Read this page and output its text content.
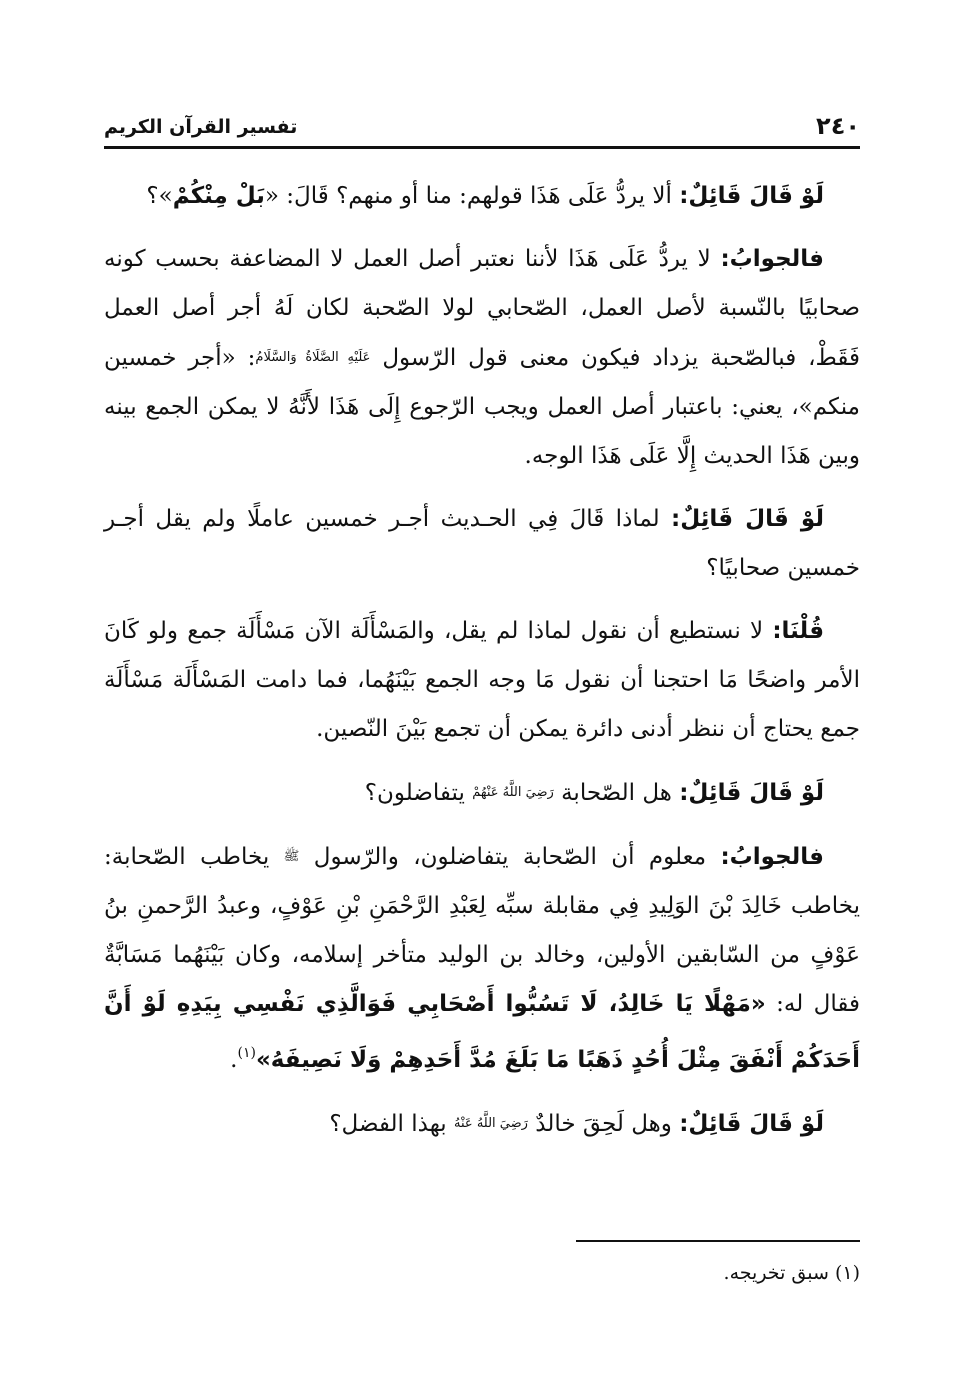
٢٤٠
تفسير القرآن الكريم

لَوْ قَالَ قَائِلٌ: ألا يردُّ عَلَى هَذَا قولهم: منا أو منهم؟ قَالَ: «بَلْ مِنْكُمْ»؟

فالجوابُ: لا يردُّ عَلَى هَذَا لأننا نعتبر أصل العمل لا المضاعفة بحسب كونه صحابيًا بالنّسبة لأصل العمل، الصّحابي لولا الصّحبة لكان لَهُ أجر أصل العمل فَقَطْ، فبالصّحبة يزداد فيكون معنى قول الرّسول عَلَيْهِ الصَّلَاةُ وَالسَّلَامُ: «أجر خمسين منكم»، يعني: باعتبار أصل العمل ويجب الرّجوع إِلَى هَذَا لأَنَّهُ لا يمكن الجمع بينه وبين هَذَا الحديث إِلَّا عَلَى هَذَا الوجه.

لَوْ قَالَ قَائِلٌ: لماذا قَالَ فِي الحـديث أجـر خمسين عاملًا ولم يقل أجـر خمسين صحابيًا؟

قُلْنَا: لا نستطيع أن نقول لماذا لم يقل، والمَسْأَلَة الآن مَسْأَلَة جمع ولو كَانَ الأمر واضحًا مَا احتجنا أن نقول مَا وجه الجمع بَيْنَهُما، فما دامت المَسْأَلَة مَسْأَلَة جمع يحتاج أن ننظر أدنى دائرة يمكن أن تجمع بَيْنَ النّصين.

لَوْ قَالَ قَائِلٌ: هل الصّحابة رَضِيَ اللَّهُ عَنْهُمْ يتفاضلون؟

فالجوابُ: معلوم أن الصّحابة يتفاضلون، والرّسول ﷺ يخاطب الصّحابة: يخاطب خَالِدَ بْنَ الوَلِيدِ فِي مقابلة سبِّه لِعَبْدِ الرَّحْمَنِ بْنِ عَوْفٍ، وعبدُ الرَّحمنِ بنُ عَوْفٍ من السّابقين الأولين، وخالد بن الوليد متأخر إسلامه، وكان بَيْنَهُما مَسَابَّةٌ فقال له: «مَهْلًا يَا خَالِدُ، لَا تَسُبُّوا أَصْحَابِي فَوَالَّذِي نَفْسِي بِيَدِهِ لَوْ أَنَّ أَحَدَكُمْ أَنْفَقَ مِثْلَ أُحُدٍ ذَهَبًا مَا بَلَغَ مُدَّ أَحَدِهِمْ وَلَا نَصِيفَهُ»$^{(١)}$.

لَوْ قَالَ قَائِلٌ: وهل لَحِقَ خالدٌ رَضِيَ اللَّهُ عَنْهُ بهذا الفضل؟

(١) سبق تخريجه.
